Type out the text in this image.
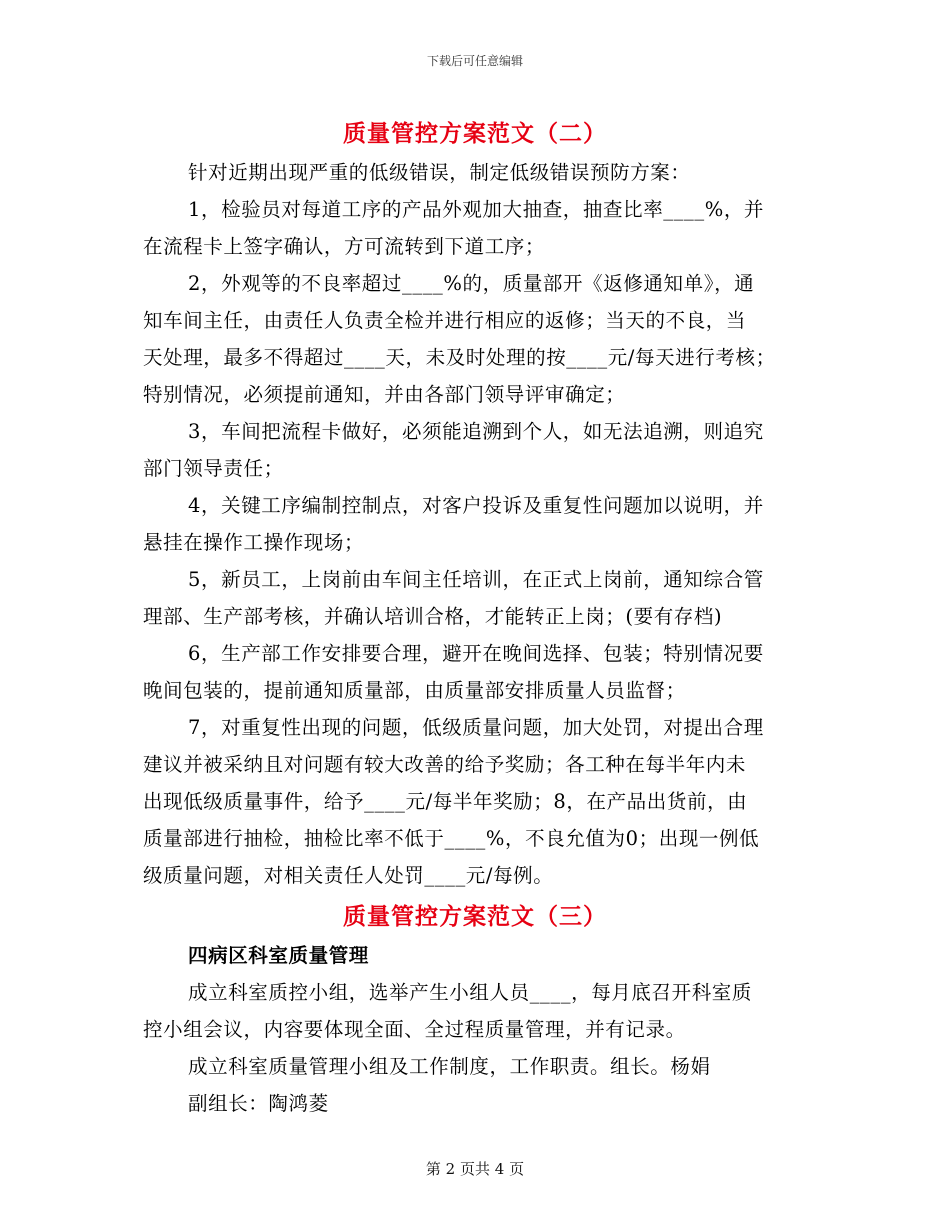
下载后可任意编辑
质量管控方案范文（二）
针对近期出现严重的低级错误，制定低级错误预防方案：
1，检验员对每道工序的产品外观加大抽查，抽查比率____%，并
在流程卡上签字确认，方可流转到下道工序；
2，外观等的不良率超过____%的，质量部开《返修通知单》，通
知车间主任，由责任人负责全检并进行相应的返修；当天的不良，当
天处理，最多不得超过____天，未及时处理的按____元/每天进行考核；
特别情况，必须提前通知，并由各部门领导评审确定；
3，车间把流程卡做好，必须能追溯到个人，如无法追溯，则追究
部门领导责任；
4，关键工序编制控制点，对客户投诉及重复性问题加以说明，并
悬挂在操作工操作现场；
5，新员工，上岗前由车间主任培训，在正式上岗前，通知综合管
理部、生产部考核，并确认培训合格，才能转正上岗；(要有存档)
6，生产部工作安排要合理，避开在晚间选择、包装；特别情况要
晚间包装的，提前通知质量部，由质量部安排质量人员监督；
7，对重复性出现的问题，低级质量问题，加大处罚，对提出合理
建议并被采纳且对问题有较大改善的给予奖励；各工种在每半年内未
出现低级质量事件，给予____元/每半年奖励；8，在产品出货前，由
质量部进行抽检，抽检比率不低于____%，不良允值为0；出现一例低
级质量问题，对相关责任人处罚____元/每例。
质量管控方案范文（三）
四病区科室质量管理
成立科室质控小组，选举产生小组人员____，每月底召开科室质
控小组会议，内容要体现全面、全过程质量管理，并有记录。
成立科室质量管理小组及工作制度，工作职责。组长。杨娟
副组长：陶鸿菱
第 2 页共 4 页
